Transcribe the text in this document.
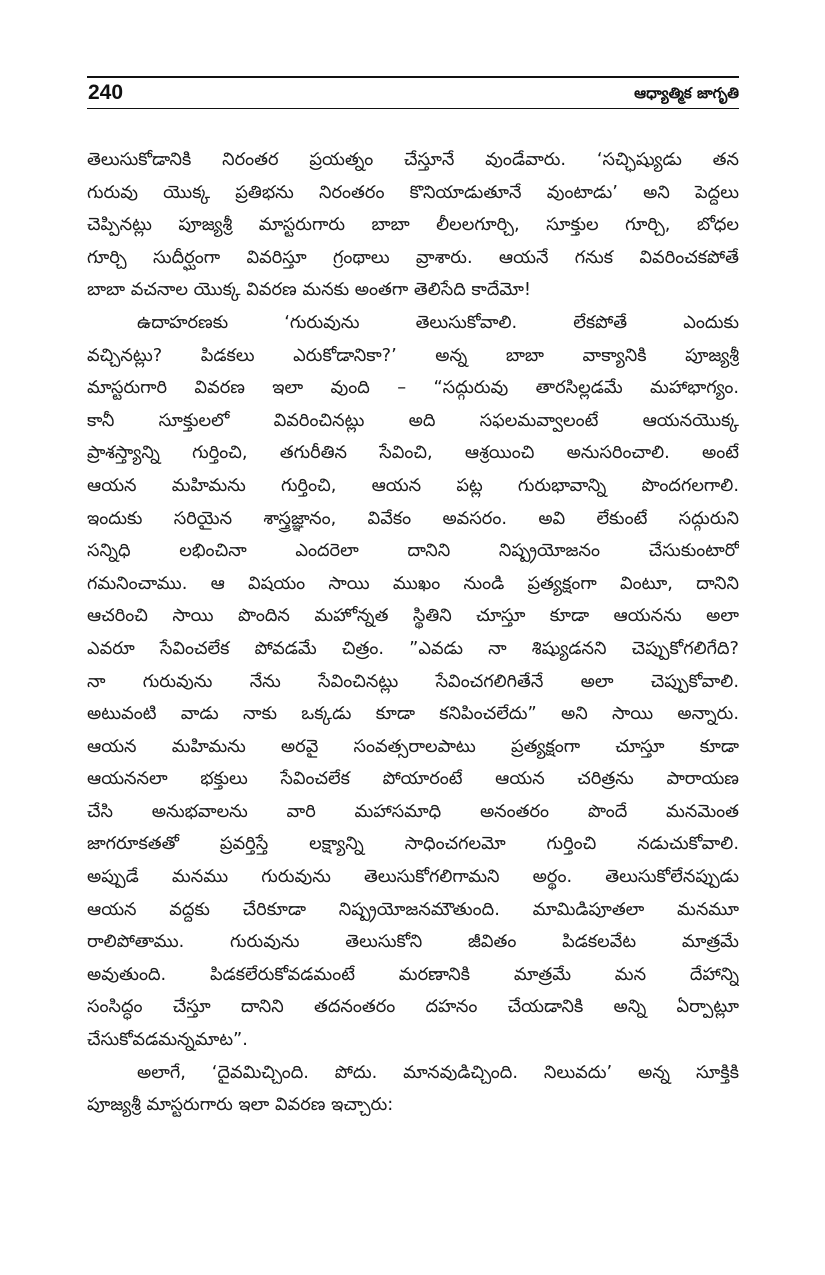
240	ఆధ్యాత్మిక జాగృతి
తెలుసుకోడానికి నిరంతర ప్రయత్నం చేస్తూనే వుండేవారు. ‘సచ్ఛిష్యుడు తన
గురువు యొక్క ప్రతిభను నిరంతరం కొనియాడుతూనే వుంటాడు’ అని పెద్దలు
చెప్పినట్లు పూజ్యశ్రీ మాస్టరుగారు బాబా లీలలగూర్చి, సూక్తుల గూర్చి, బోధల
గూర్చి సుదీర్ఘంగా వివరిస్తూ గ్రంథాలు వ్రాశారు. ఆయనే గనుక వివరించకపోతే
బాబా వచనాల యొక్క వివరణ మనకు అంతగా తెలిసేది కాదేమో!
ఉదాహరణకు ‘గురువును తెలుసుకోవాలి. లేకపోతే ఎందుకు
వచ్చినట్లు? పిడకలు ఎరుకోడానికా?’ అన్న బాబా వాక్యానికి పూజ్యశ్రీ
మాస్టరుగారి వివరణ ఇలా వుంది – “సద్గురువు తారసిల్లడమే మహాభాగ్యం.
కానీ సూక్తులలో వివరించినట్లు అది సఫలమవ్వాలంటే ఆయనయొక్క
ప్రాశస్త్యాన్ని గుర్తించి, తగురీతిన సేవించి, ఆశ్రయించి అనుసరించాలి. అంటే
ఆయన మహిమను గుర్తించి, ఆయన పట్ల గురుభావాన్ని పొందగలగాలి.
ఇందుకు సరియైన శాస్త్రజ్ఞానం, వివేకం అవసరం. అవి లేకుంటే సద్గురుని
సన్నిధి లభించినా ఎందరెలా దానిని నిష్ప్రయోజనం చేసుకుంటారో
గమనించాము. ఆ విషయం సాయి ముఖం నుండి ప్రత్యక్షంగా వింటూ, దానిని
ఆచరించి సాయి పొందిన మహోన్నత స్థితిని చూస్తూ కూడా ఆయనను అలా
ఎవరూ సేవించలేక పోవడమే చిత్రం. ”ఎవడు నా శిష్యుడనని చెప్పుకోగలిగేది?
నా గురువును నేను సేవించినట్లు సేవించగలిగితేనే అలా చెప్పుకోవాలి.
అటువంటి వాడు నాకు ఒక్కడు కూడా కనిపించలేదు” అని సాయి అన్నారు.
ఆయన మహిమను అరవై సంవత్సరాలపాటు ప్రత్యక్షంగా చూస్తూ కూడా
ఆయననలా భక్తులు సేవించలేక పోయారంటే ఆయన చరిత్రను పారాయణ
చేసి అనుభవాలను వారి మహాసమాధి అనంతరం పొందే మనమెంత
జాగరూకతతో ప్రవర్తిస్తే లక్ష్యాన్ని సాధించగలమో గుర్తించి నడుచుకోవాలి.
అప్పుడే మనము గురువును తెలుసుకోగలిగామని అర్థం. తెలుసుకోలేనప్పుడు
ఆయన వద్దకు చేరికూడా నిష్ప్రయోజనమౌతుంది. మామిడిపూతలా మనమూ
రాలిపోతాము. గురువును తెలుసుకోని జీవితం పిడకలవేట మాత్రమే
అవుతుంది. పిడకలేరుకోవడమంటే మరణానికి మాత్రమే మన దేహాన్ని
సంసిద్ధం చేస్తూ దానిని తదనంతరం దహనం చేయడానికి అన్ని ఏర్పాట్లూ
చేసుకోవడమన్నమాట”.
అలాగే, ‘దైవమిచ్చింది. పోదు. మానవుడిచ్చింది. నిలువదు’ అన్న సూక్తికి
పూజ్యశ్రీ మాస్టరుగారు ఇలా వివరణ ఇచ్చారు:
